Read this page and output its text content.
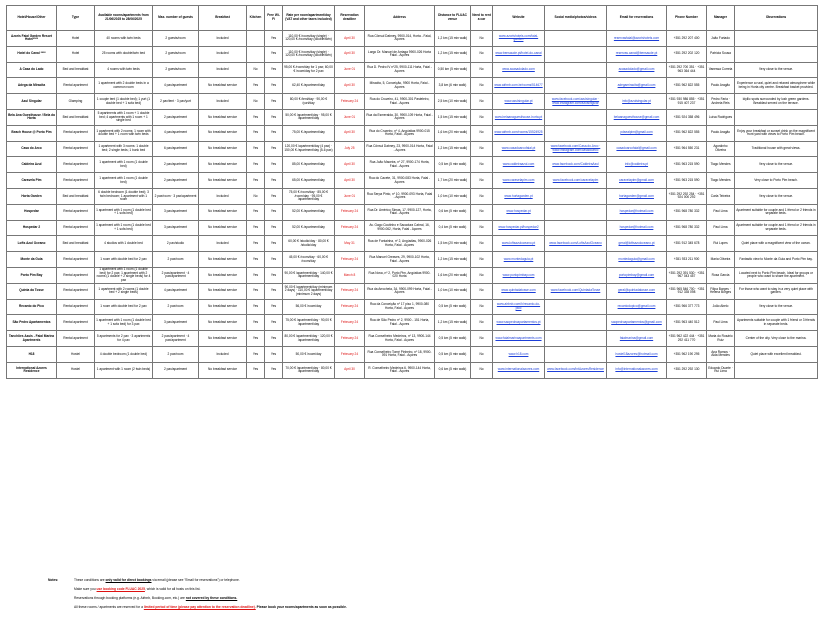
Hotel/House/Other	Type	Available rooms/apartments from 21/06/2025 to 28/06/2025	Max. number of guests	Breakfast	Kitchen	Free Wi-Fi	Rate per room/apartment/day (VAT and other taxes included)	Reservation deadline	Address	Distance to FLUAC venue	Need to rent a car	Website	Social media/photos/videos	Email for reservations	Phone Number	Manager	Observations
Azoris Faial Garden Resort Hotel****	Hotel	40 rooms with twin beds	2 guests/room	Included		Yes	110,00 € /room/day (single) · 120,00 € /room/day (double/twin)	April 30	Rua Cônsul Dabney, 9900-014, Horta - Faial, Açores	1,2 km (15 min walk)	No	www.azorishotels.com/faial-garden		reservasfaial@azorishotels.com	+351 292 207 400	João Furtado	
Hotel do Canal ****	Hotel	25 rooms with double/twin bed	2 guests/room	Included		Yes	110,00 € /room/day (single) · 120,00 € /room/day (double/twin)	April 30	Largo Dr. Manuel de Arriaga 9900-026 Horta Faial - Açores	1,2 km (15 min walk)	No	www.bensaude.pt/hotel-do-canal		reservas.canal@bensaude.pt	+351 292 202 120	Patrícia Sousa	
A Casa do Lado	Bed and breakfast	4 rooms with twin beds	2 guests/room	Included	No	Yes	95,00 € /room/day for 1 pax; 60,00 € /room/day for 2 pax	June 01	Rua D. Pedro IV nº25, 9900-111 Horta, Faial - Açores	0,50 km (5 min walk)	No	www.acasadolado.com		acasadolado@gmail.com	+351 292 700 351 · +351 963 364 444	Vanessa Correia	Very close to the venue.
Adega da Miracita	Rental apartment	1 apartment with 2 double beds in a common room	4 pax/apartment	No breakfast service	Yes	Yes	62,40 € /apartment/day	April 30	Miracita, 5, Conceição, 9900 Horta, Faial - Açores	3,8 km (6 min walk)	No	www.airbnb.com.br/rooms/514677		adegamiracita@gmail.com	+351 962 822 555	Paulo Aragão	Experience a rural, quiet and relaxed atmosphere while being in Horta city centre. Breakfast basket provided.
Azul Singular	Glamping	1 couple tent (1 double bed); 1 yurt (1 double bed + 1 sofa bed)	2 pax/tent · 3 pax/yurt	Included	No	Yes	80,00 € /tent/day · 90,00 € /yurt/day	February 24	Rua do Cruzeiro, 41, 9900-301 Pasteleiro, Faial - Açores	2,5 km (10 min walk)	No	www.azulsingular.pt	www.facebook.com/azulsingular · www.instagram.com/azulsingular	info@azulsingular.pt	+351 930 986 855 · +351 915 407 237	Pedro Faria · Andreia Reis	Idyllic spots surrounded by lush green gardens. Breakfast served on the terrace.
Bela Ana Guesthouse / Bela da Horta	Bed and breakfast	5 apartments with 1 room + 1 double bed; 4 apartments with 1 room + 1 single bed	2 pax/apartment	No breakfast service	Yes	Yes	50,00 € /apartment/day · 95,00 € /apartment/day	June 01	Rua da Esmeralda, 30, 9900-109 Horta, Faial - Açores	1,5 km (15 min walk)	No	www.belaanaguesthouse-horta.pt		belaanaguesthouse@gmail.com	+351 924 358 496	Luísa Rodrigues	
Beach House @ Porto Pim	Rental apartment	1 apartment with 2 rooms: 1 room with double bed + 1 room with twin beds	4 pax/apartment	No breakfast service	Yes	Yes	75,00 € /apartment/day	April 30	Rua do Cruzeiro, nº 4, Angústias 9900-015 Horta, Faial - Açores	1,6 km (20 min walk)	No	www.airbnb.com/rooms/15524925		pdsealpim@gmail.com	+351 962 822 555	Paulo Aragão	Enjoy your breakfast or sunset drink on the magnificent front yard with views to Porto Pim beach.
Casa do Arco	Rental apartment	1 apartment with 3 rooms: 1 double bed; 2 single beds; 1 bunk bed	6 pax/apartment	No breakfast service	Yes	Yes	120,00 € /apartment/day (4 pax) · 150,00 € /apartment/day (5-6 pax)	July 25	Rua Cônsul Dabney, 23, 9900-014 Horta, Faial - Açores	1,2 km (15 min walk)	No	www.casadoarcofaial.pt	www.facebook.com/Casa.do.Arco · www.instagram.com/casadoarco	casadoarcofaial@gmail.com	+351 964 550 231	Agostinho Oliveira	Traditional house with great views.
Caldeira Azul	Rental apartment	1 apartment with 1 room (1 double bed)	2 pax/apartment	No breakfast service	Yes	Yes	85,00 € /apartment/day	April 30	Rua João Maceira, nº 27, 9900-174 Horta, Faial - Açores	0,5 km (5 min walk)	No	www.caldeiraazul.com	www.facebook.com/CaldeiraAzul	info@caldeira.pt	+351 963 215 590	Tiago Mendes	Very close to the venue.
Caravela Pim	Rental apartment	1 apartment with 1 room (1 double bed)	2 pax/apartment	No breakfast service	Yes	Yes	65,00 € /apartment/day	April 30	Rua do Cacete, 31, 9900-083 Horta, Faial - Açores	1,7 km (20 min walk)	No	www.caravelapim.com	www.facebook.com/caravelapim	caravelapim@gmail.com	+351 963 215 590	Tiago Mendes	Very close to Porto Pim beach.
Horta Garden	Bed and breakfast	6 double bedroom (1 double bed); 3 twin bedroom; 1 apartment with 1 room	2 pax/room · 3 pax/apartment	Included	No	Yes	75,00 € /room/day · 85,00 € /room/day · 95,00 € /apartment/day	June 01	Rua Serpa Pinto, nº 10, 9900-093 Horta, Faial - Açores	1,0 km (10 min walk)	No	www.hortagarden.pt		hortagarden@gmail.com	+351 292 292 254 · +351 924 000 292	Carla Teixeira	Very close to the venue.
Hospedar	Rental apartment	1 apartment with 1 room (1 double bed + 1 sofa bed)	3 pax/apartment	No breakfast service	Yes	Yes	52,00 € /apartment/day	February 24	Rua Dr. Américo Simas, 17, 9900-127, Horta, Faial - Açores	0,6 km (5 min walk)	No	www.hospedar.pt		hospedar@hotmail.com	+351 968 780 332	Paul Lima	Apartment suitable for couple and 1 friend or 2 friends in separate beds.
Hospedar 2	Rental apartment	1 apartment with 1 room (1 double bed + 1 sofa bed)	3 pax/apartment	No breakfast service	Yes	Yes	52,00 € /apartment/day	February 24	Av. Gago Coutinho e Sacadura Cabral, 16, 9900-062, Horta, Faial - Açores	0,4 km (5 min walk)	No	www.hospedar.pt/hospedar2		hospedar@hotmail.com	+351 968 780 332	Paul Lima	Apartment suitable for couple and 1 friend or 2 friends in separate beds.
Lofts Azul Oceano	Bed and breakfast	4 studios with 1 double bed	2 pax/studio	Included	Yes	Yes	60,00 € /studio/day · 80,00 € /studio/day	May 31	Rua de Fontainha, nº 2, Angústias, 9900-026 Horta, Faial - Açores	1,5 km (20 min walk)	No	www.loftsazuloceano.pt	www.facebook.com/LoftsAzulOceano	geral@loftsazuloceano.pt	+351 912 345 678	Rui Lopes	Quiet place with a magnificent view of the ocean.
Monte da Guia	Rental apartment	1 room with double bed for 2 pax	2 pax/room	No breakfast service	Yes	Yes	45,00 € /room/day · 60,00 € /room/day	February 24	Rua Manuel Greaves, 29, 9900-102 Horta, Faial - Açores	1,2 km (15 min walk)	No	www.montedaguia.pt		montedaguia@gmail.com	+351 933 211 900	Maria Oliveira	Fantastic view to Monte da Guia and Porto Pim bay.
Porto Pim Bay	Rental apartment	1 apartment with 1 room (1 double bed) for 2 pax; 1 apartment with 2 rooms (1 double + 2 single beds) for 4 pax	2 pax/apartment · 4 pax/apartment	No breakfast service	Yes	Yes	90,00 € /apartment/day · 140,00 € /apartment/day	March 8	Rua Nova, nº 2, Porto Pim, Angústias 9900-020 Horta	1,6 km (20 min walk)	No	www.portopimbay.com		portopimbay@gmail.com	+351 292 391 530 · +351 967 043 457	Rosa Garcia	Located next to Porto Pim beach. Ideal for groups or people who want to share the apartment.
Quinta da Tosse	Rental apartment	1 apartment with 2 rooms (1 double bed + 2 single beds)	4 pax/apartment	No breakfast service	Yes	Yes	90,00 € /apartment/day (minimum 2 days) · 110,00 € /apartment/day (minimum 2 days)	February 24	Rua da Arrochela, 34, 9900-099 Horta, Faial - Açores	1,0 km (10 min walk)	No	www.quintadatosse.com	www.facebook.com/QuintadaTosse	geral@quintadatosse.com	+351 965 546 700 · +351 912 335 098	Filipa Borges · Helena Borges	For those who want to stay in a very quiet place with garden.
Recanto do Pico	Rental apartment	1 room with double bed for 2 pax	2 pax/room	No breakfast service	Yes	Yes	56,00 € /room/day	February 24	Rua da Conceição nº 17 piso 1, 9900-080 Horta, Faial - Açores	0,5 km (5 min walk)	No	www.airbnb.com/h/recanto-do-pico		recantodopico@gmail.com	+351 966 377 773	João Abelo	Very close to the venue.
São Pedro Apartamentos	Rental apartment	1 apartment with 1 room (1 double bed + 1 sofa bed) for 3 pax	3 pax/apartment	No breakfast service	Yes	Yes	75,00 € /apartment/day · 90,00 € /apartment/day	February 24	Rua de São Pedro nº 2, 9900 - 151 Horta, Faial - Açores	1,2 km (15 min walk)	No	www.saopedroapartamentos.pt		saopedroapartamentos@gmail.com	+351 963 440 512	Paul Lima	Apartments suitable for couple with 1 friend or 3 friends in separate beds.
Tanchões Azuis - Faial Marina Apartments	Rental apartment	5 apartments for 2 pax · 3 apartments for 4 pax	2 pax/apartment · 4 pax/apartment	No breakfast service	Yes	Yes	80,00 € /apartment/day · 120,00 € /apartment/day	February 24	Rua Conselheiro Medeiros, nº 13, 9900-144 Horta, Faial - Açores	0,5 km (5 min walk)	No	www.faialmarinaapartments.com		faialmarina@gmail.com	+351 962 422 444 · +351 292 411 770	Maria do Rosário Ruiz	Center of the city. Very close to the marina.
H18	Hostel	4 double bedroom (1 double bed)	2 pax/room	Included	Yes	Yes	50,00 € /room/day	February 24	Rua Conselheiro Tomé Pinheiro, nº 18, 9900-091 Horta, Faial - Açores	0,5 km (5 min walk)	No	www.h18.com		hostel18azores@hotmail.com	+351 962 190 295	Ana Ramos · Alda Mendes	Quiet place with excellent breakfast.
International Azores Residence	Hostel	1 apartment with 1 room (2 twin beds)	2 pax/apartment	No breakfast service	Yes	Yes	70,00 € /apartment/day · 80,00 € /apartment/day	April 30	R. Conselheiro Medeiros 6, 9900-144 Horta, Faial - Açores	0,6 km (5 min walk)	No	www.internationalazores.com	www.facebook.com/IntAzoresResidence	info@internationalazores.com	+351 292 292 130	Eduardo Duarte · Rui Lima	
Notes:	These conditions are only valid for direct bookings via email (please see "Email for reservations") or telephone.
Make sure you use booking code FLUAC 2025, which is valid for all hosts on this list.
Reservations through booking platforms (e.g. Airbnb, Booking.com, etc.) are not covered by these conditions.
All these rooms / apartments are reserved for a limited period of time (please pay attention to the reservation deadline). Please book your rooms/apartments as soon as possible.
